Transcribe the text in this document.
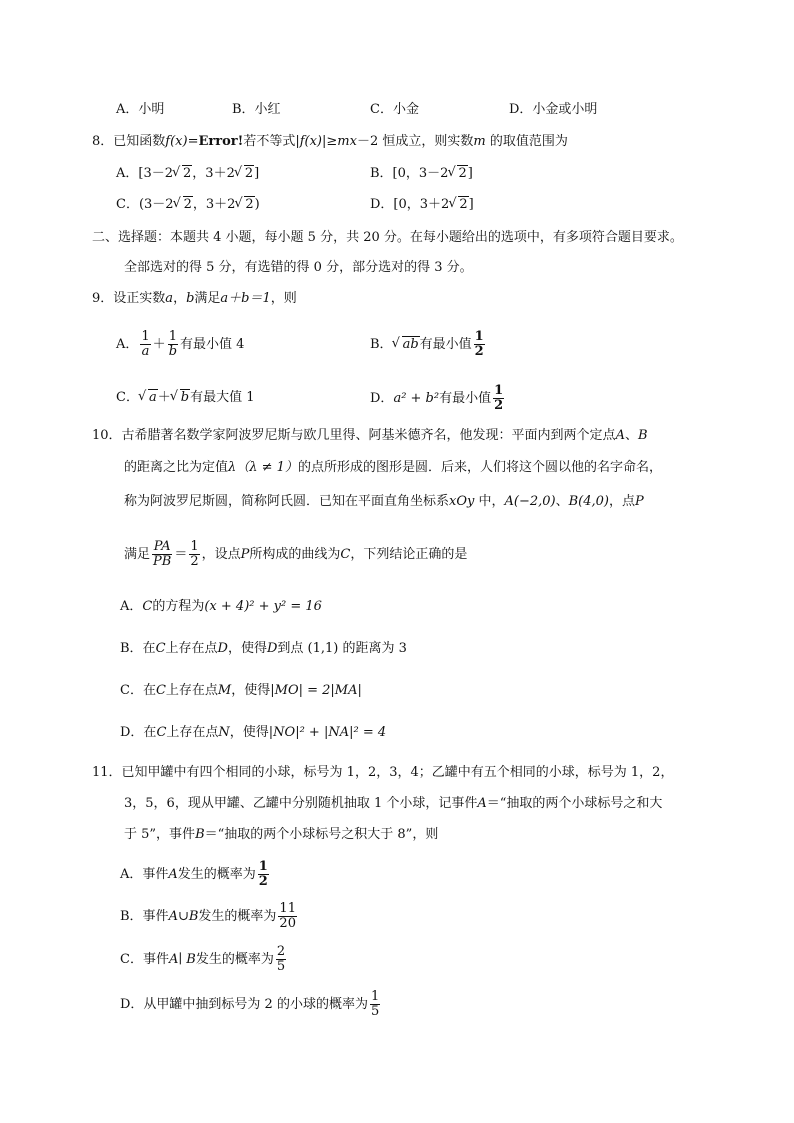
A．小明	B．小红	C．小金	D．小金或小明
8．已知函数f(x)=Error!若不等式|f(x)|≥mx－2 恒成立，则实数m 的取值范围为
A．[3－2 √ 2，3＋2 √ 2]	B．[0，3－2 √ 2]
C．(3－2 √ 2，3＋2 √ 2)	D．[0，3＋2 √ 2]
二、选择题：本题共 4 小题，每小题 5 分，共 20 分。在每小题给出的选项中，有多项符合题目要求。
全部选对的得 5 分，有选错的得 0 分，部分选对的得 3 分。
9．设正实数a，b满足a＋b＝1，则
A． $\frac{1}{a} + \frac{1}{b}$ 有最小值 4	B． √ ab有最小值 $\frac{1}{2}$
C． √ a＋ √ b有最大值 1	D．a² + b²有最小值 $\frac{1}{2}$
10．古希腊著名数学家阿波罗尼斯与欧几里得、阿基米德齐名，他发现：平面内到两个定点A、B
的距离之比为定值λ（λ ≠ 1）的点所形成的图形是圆．后来，人们将这个圆以他的名字命名，
称为阿波罗尼斯圆，简称阿氏圆．已知在平面直角坐标系xOy 中，A(−2,0)、B(4,0)，点P
满足 $\frac{PA}{PB} = \frac{1}{2}$ ，设点P所构成的曲线为C，下列结论正确的是
A．C的方程为(x + 4)² + y² = 16
B．在C上存在点D，使得D到点 (1,1) 的距离为 3
C．在C上存在点M，使得|MO| = 2|MA|
D．在C上存在点N，使得|NO|² + |NA|² = 4
11．已知甲罐中有四个相同的小球，标号为 1，2，3，4；乙罐中有五个相同的小球，标号为 1，2，
3，5，6，现从甲罐、乙罐中分别随机抽取 1 个小球，记事件A＝“抽取的两个小球标号之和大
于 5”，事件B＝“抽取的两个小球标号之积大于 8”，则
A．事件A发生的概率为 $\frac{1}{2}$
B．事件A∪B发生的概率为 $\frac{11}{20}$
C．事件A∣ B发生的概率为 $\frac{2}{5}$
D．从甲罐中抽到标号为 2 的小球的概率为 $\frac{1}{5}$
